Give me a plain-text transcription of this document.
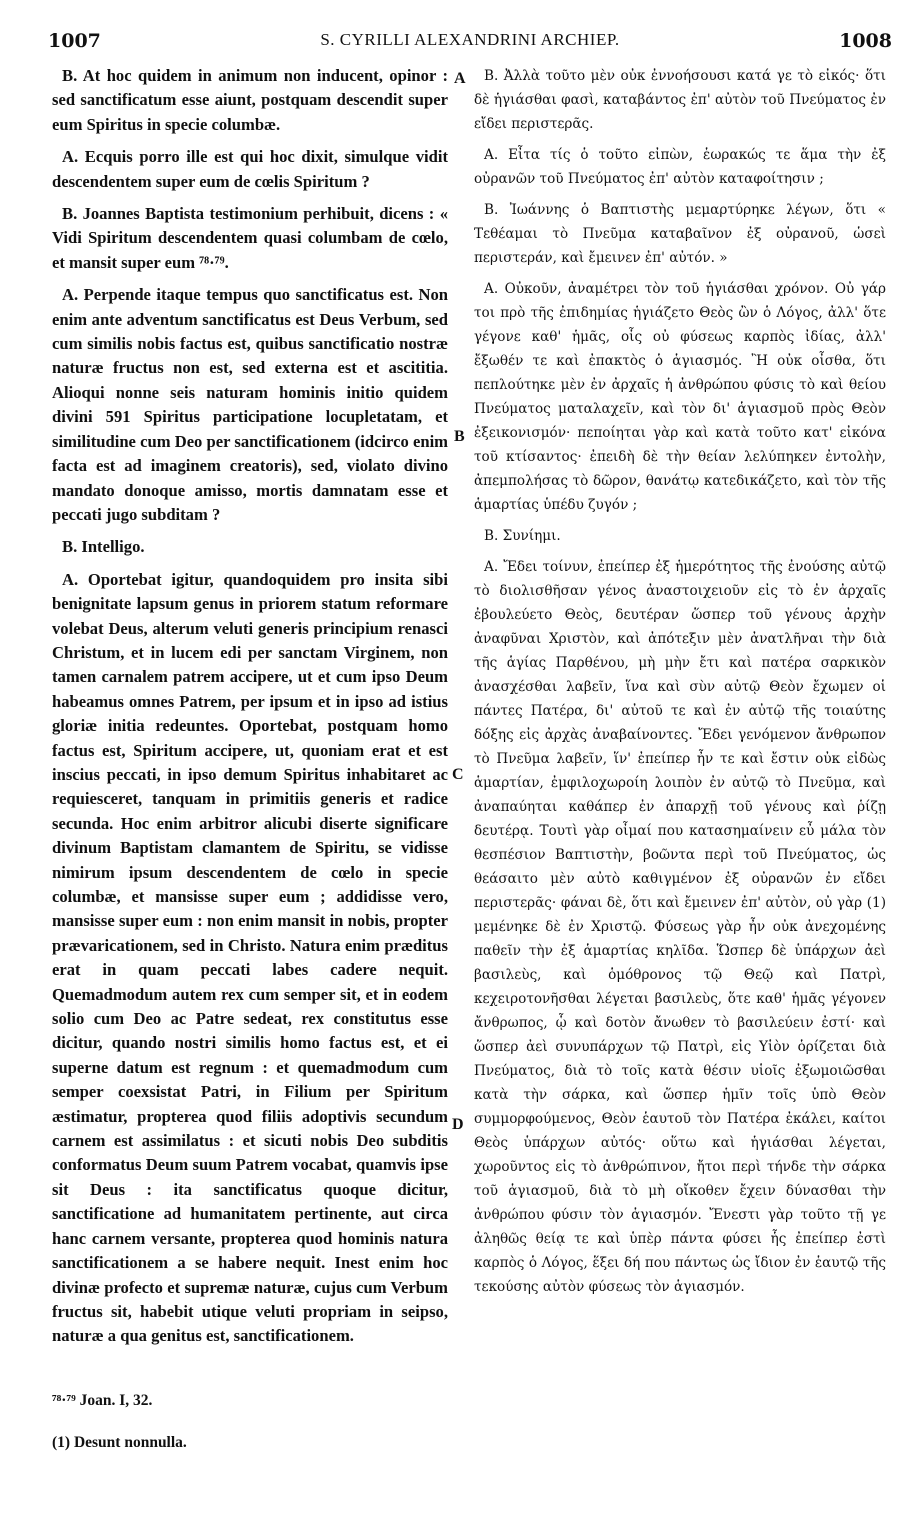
1007	S. CYRILLI ALEXANDRINI ARCHIEP.	1008

B. At hoc quidem in animum non inducent, opinor : sed sanctificatum esse aiunt, postquam descendit super eum Spiritus in specie columbæ.

A. Ecquis porro ille est qui hoc dixit, simulque vidit descendentem super eum de cœlis Spiritum ?

B. Joannes Baptista testimonium perhibuit, dicens : « Vidi Spiritum descendentem quasi columbam de cœlo, et mansit super eum ⁷⁸·⁷⁹.

A. Perpende itaque tempus quo sanctificatus est. Non enim ante adventum sanctificatus est Deus Verbum, sed cum similis nobis factus est, quibus sanctificatio nostræ naturæ fructus non est, sed externa est et ascititia. Alioqui nonne seis naturam hominis initio quidem divini 591 Spiritus participatione locupletatam, et similitudine cum Deo per sanctificationem (idcirco enim facta est ad imaginem creatoris), sed, violato divino mandato donoque amisso, mortis damnatam esse et peccati jugo subditam ?

B. Intelligo.

A. Oportebat igitur, quandoquidem pro insita sibi benignitate lapsum genus in priorem statum reformare volebat Deus, alterum veluti generis principium renasci Christum, et in lucem edi per sanctam Virginem, non tamen carnalem patrem accipere, ut et cum ipso Deum habeamus omnes Patrem, per ipsum et in ipso ad istius gloriæ initia redeuntes. Oportebat, postquam homo factus est, Spiritum accipere, ut, quoniam erat et est inscius peccati, in ipso demum Spiritus inhabitaret ac requiesceret, tanquam in primitiis generis et radice secunda. Hoc enim arbitror alicubi diserte significare divinum Baptistam clamantem de Spiritu, se vidisse nimirum ipsum descendentem de cœlo in specie columbæ, et mansisse super eum ; addidisse vero, mansisse super eum : non enim mansit in nobis, propter prævaricationem, sed in Christo. Natura enim præditus erat in quam peccati labes cadere nequit. Quemadmodum autem rex cum semper sit, et in eodem solio cum Deo ac Patre sedeat, rex constitutus esse dicitur, quando nostri similis homo factus est, et ei superne datum est regnum : et quemadmodum cum semper coexsistat Patri, in Filium per Spiritum æstimatur, propterea quod filiis adoptivis secundum carnem est assimilatus : et sicuti nobis Deo subditis conformatus Deum suum Patrem vocabat, quamvis ipse sit Deus : ita sanctificatus quoque dicitur, sanctificatione ad humanitatem pertinente, aut circa hanc carnem versante, propterea quod hominis natura sanctificationem a se habere nequit. Inest enim hoc divinæ profecto et supremæ naturæ, cujus cum Verbum fructus sit, habebit utique veluti propriam in seipso, naturæ a qua genitus est, sanctificationem.

A
B
C
D

B. Ἀλλὰ τοῦτο μὲν οὐκ ἐννοήσουσι κατά γε τὸ εἰκός· ὅτι δὲ ἡγιάσθαι φασὶ, καταβάντος ἐπ' αὐτὸν τοῦ Πνεύματος ἐν εἴδει περιστερᾶς.

A. Εἶτα τίς ὁ τοῦτο εἰπὼν, ἑωρακώς τε ἅμα τὴν ἐξ οὐρανῶν τοῦ Πνεύματος ἐπ' αὐτὸν καταφοίτησιν ;

B. Ἰωάννης ὁ Βαπτιστὴς μεμαρτύρηκε λέγων, ὅτι « Τεθέαμαι τὸ Πνεῦμα καταβαῖνον ἐξ οὐρανοῦ, ὡσεὶ περιστεράν, καὶ ἔμεινεν ἐπ' αὐτόν. »

A. Οὐκοῦν, ἀναμέτρει τὸν τοῦ ἡγιάσθαι χρόνον. Οὐ γάρ τοι πρὸ τῆς ἐπιδημίας ἡγιάζετο Θεὸς ὢν ὁ Λόγος, ἀλλ' ὅτε γέγονε καθ' ἡμᾶς, οἷς οὐ φύσεως καρπὸς ἰδίας, ἀλλ' ἔξωθέν τε καὶ ἐπακτὸς ὁ ἁγιασμός. Ἢ οὐκ οἶσθα, ὅτι πεπλούτηκε μὲν ἐν ἀρχαῖς ἡ ἀνθρώπου φύσις τὸ καὶ θείου Πνεύματος ματαλαχεῖν, καὶ τὸν δι' ἁγιασμοῦ πρὸς Θεὸν ἐξεικονισμόν· πεποίηται γὰρ καὶ κατὰ τοῦτο κατ' εἰκόνα τοῦ κτίσαντος· ἐπειδὴ δὲ τὴν θείαν λελύπηκεν ἐντολὴν, ἀπεμπολήσας τὸ δῶρον, θανάτῳ κατεδικάζετο, καὶ τὸν τῆς ἁμαρτίας ὑπέδυ ζυγόν ;

B. Συνίημι.

A. Ἔδει τοίνυν, ἐπείπερ ἐξ ἡμερότητος τῆς ἐνούσης αὐτῷ τὸ διολισθῆσαν γένος ἀναστοιχειοῦν εἰς τὸ ἐν ἀρχαῖς ἐβουλεύετο Θεὸς, δευτέραν ὥσπερ τοῦ γένους ἀρχὴν ἀναφῦναι Χριστὸν, καὶ ἀπότεξιν μὲν ἀνατλῆναι τὴν διὰ τῆς ἁγίας Παρθένου, μὴ μὴν ἔτι καὶ πατέρα σαρκικὸν ἀνασχέσθαι λαβεῖν, ἵνα καὶ σὺν αὐτῷ Θεὸν ἔχωμεν οἱ πάντες Πατέρα, δι' αὐτοῦ τε καὶ ἐν αὐτῷ τῆς τοιαύτης δόξης εἰς ἀρχὰς ἀναβαίνοντες. Ἔδει γενόμενον ἄνθρωπον τὸ Πνεῦμα λαβεῖν, ἵν' ἐπείπερ ἦν τε καὶ ἔστιν οὐκ εἰδὼς ἁμαρτίαν, ἐμφιλοχωροίη λοιπὸν ἐν αὐτῷ τὸ Πνεῦμα, καὶ ἀναπαύηται καθάπερ ἐν ἀπαρχῇ τοῦ γένους καὶ ῥίζῃ δευτέρᾳ. Τουτὶ γὰρ οἶμαί που κατασημαίνειν εὖ μάλα τὸν θεσπέσιον Βαπτιστὴν, βοῶντα περὶ τοῦ Πνεύματος, ὡς θεάσαιτο μὲν αὐτὸ καθιγμένον ἐξ οὐρανῶν ἐν εἴδει περιστερᾶς· φάναι δὲ, ὅτι καὶ ἔμεινεν ἐπ' αὐτὸν, οὐ γὰρ (1) μεμένηκε δὲ ἐν Χριστῷ. Φύσεως γὰρ ἦν οὐκ ἀνεχομένης παθεῖν τὴν ἐξ ἁμαρτίας κηλῖδα. Ὥσπερ δὲ ὑπάρχων ἀεὶ βασιλεὺς, καὶ ὁμόθρονος τῷ Θεῷ καὶ Πατρὶ, κεχειροτονῆσθαι λέγεται βασιλεὺς, ὅτε καθ' ἡμᾶς γέγονεν ἄνθρωπος, ᾧ καὶ δοτὸν ἄνωθεν τὸ βασιλεύειν ἐστί· καὶ ὥσπερ ἀεὶ συνυπάρχων τῷ Πατρὶ, εἰς Υἱὸν ὁρίζεται διὰ Πνεύματος, διὰ τὸ τοῖς κατὰ θέσιν υἱοῖς ἐξωμοιῶσθαι κατὰ τὴν σάρκα, καὶ ὥσπερ ἡμῖν τοῖς ὑπὸ Θεὸν συμμορφούμενος, Θεὸν ἑαυτοῦ τὸν Πατέρα ἐκάλει, καίτοι Θεὸς ὑπάρχων αὐτός· οὕτω καὶ ἡγιάσθαι λέγεται, χωροῦντος εἰς τὸ ἀνθρώπινον, ἤτοι περὶ τήνδε τὴν σάρκα τοῦ ἁγιασμοῦ, διὰ τὸ μὴ οἴκοθεν ἔχειν δύνασθαι τὴν ἀνθρώπου φύσιν τὸν ἁγιασμόν. Ἔνεστι γὰρ τοῦτο τῇ γε ἀληθῶς θείᾳ τε καὶ ὑπὲρ πάντα φύσει ἧς ἐπείπερ ἐστὶ καρπὸς ὁ Λόγος, ἕξει δή που πάντως ὡς ἴδιον ἐν ἑαυτῷ τῆς τεκούσης αὐτὸν φύσεως τὸν ἁγιασμόν.

⁷⁸·⁷⁹ Joan. I, 32.

(1) Desunt nonnulla.
